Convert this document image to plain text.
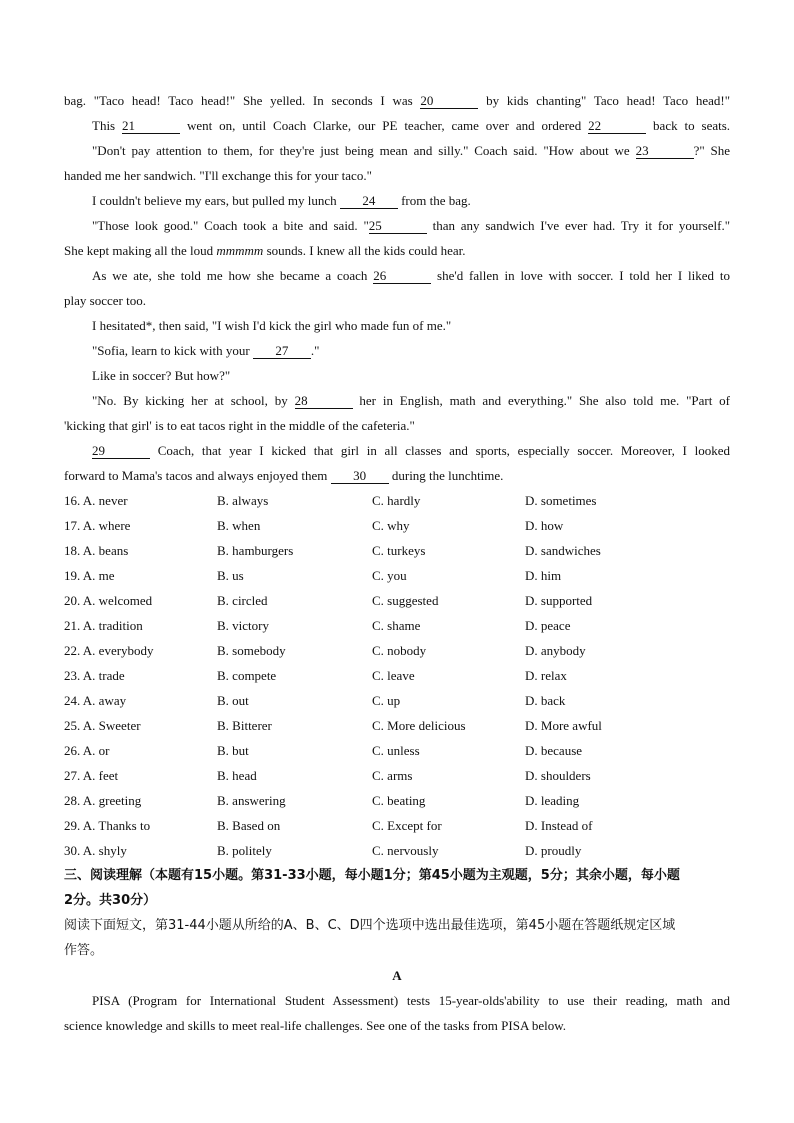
bag. "Taco head! Taco head!" She yelled. In seconds I was 20	by kids chanting" Taco head! Taco head!"
This 21	went on, until Coach Clarke, our PE teacher, came over and ordered 22	back to seats.
"Don't pay attention to them, for they're just being mean and silly." Coach said. "How about we 23	?" She
handed me her sandwich. "I'll exchange this for your taco."
I couldn't believe my ears, but pulled my lunch 24 from the bag.
"Those look good." Coach took a bite and said. "25	than any sandwich I've ever had. Try it for yourself."
She kept making all the loud mmmmm sounds. I knew all the kids could hear.
As we ate, she told me how she became a coach 26	she'd fallen in love with soccer. I told her I liked to
play soccer too.
I hesitated*, then said, "I wish I'd kick the girl who made fun of me."
"Sofia, learn to kick with your 27 ."
Like in soccer? But how?"
"No. By kicking her at school, by 28	her in English, math and everything." She also told me. "Part of
'kicking that girl' is to eat tacos right in the middle of the cafeteria."
29	Coach, that year I kicked that girl in all classes and sports, especially soccer. Moreover, I looked
forward to Mama's tacos and always enjoyed them 30 during the lunchtime.
16. A. never	B. always	C. hardly	D. sometimes
17. A. where	B. when	C. why	D. how
18. A. beans	B. hamburgers	C. turkeys	D. sandwiches
19. A. me	B. us	C. you	D. him
20. A. welcomed	B. circled	C. suggested	D. supported
21. A. tradition	B. victory	C. shame	D. peace
22. A. everybody	B. somebody	C. nobody	D. anybody
23. A. trade	B. compete	C. leave	D. relax
24. A. away	B. out	C. up	D. back
25. A. Sweeter	B. Bitterer	C. More delicious	D. More awful
26. A. or	B. but	C. unless	D. because
27. A. feet	B. head	C. arms	D. shoulders
28. A. greeting	B. answering	C. beating	D. leading
29. A. Thanks to	B. Based on	C. Except for	D. Instead of
30. A. shyly	B. politely	C. nervously	D. proudly
三、阅读理解（本题有15小题。第31-33小题，每小题1分；第45小题为主观题，5分；其余小题，每小题
2分。共30分）
阅读下面短文，第31-44小题从所给的A、B、C、D四个选项中选出最佳选项，第45小题在答题纸规定区域
作答。
A
PISA (Program for International Student Assessment) tests 15-year-olds'ability to use their reading, math and
science knowledge and skills to meet real-life challenges. See one of the tasks from PISA below.
